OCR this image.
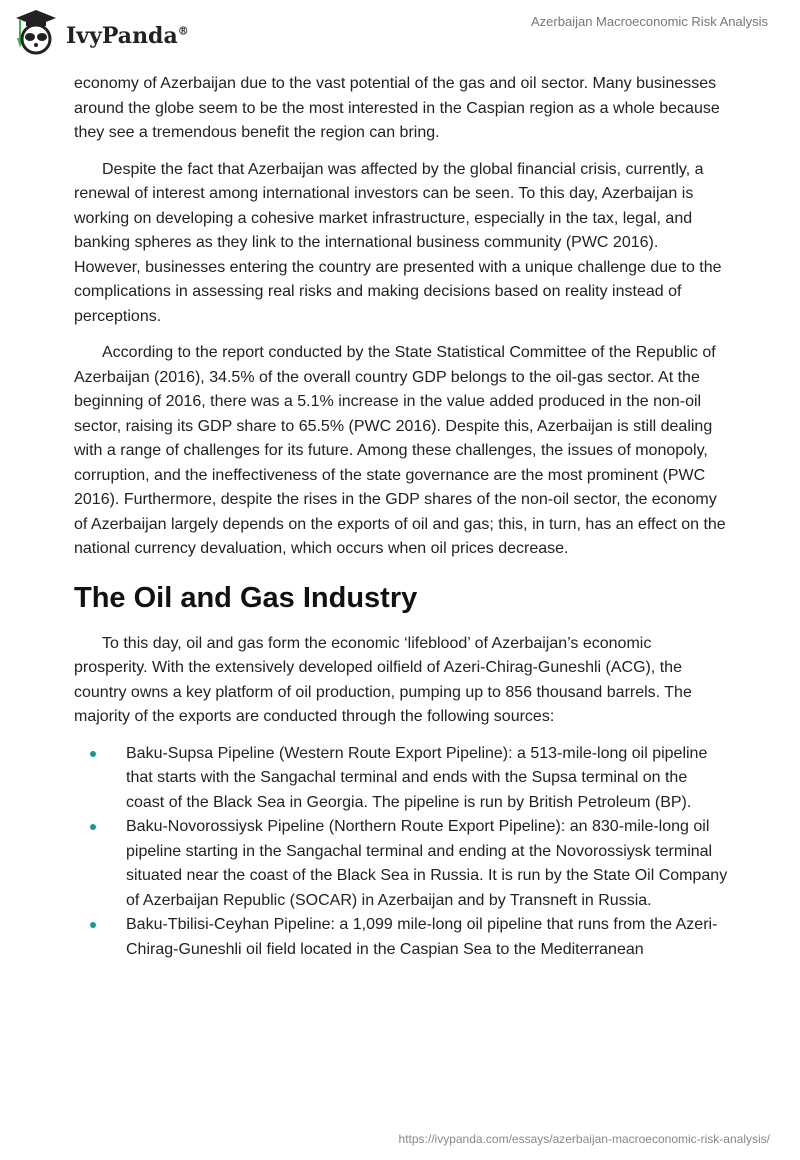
IvyPanda®
Azerbaijan Macroeconomic Risk Analysis

economy of Azerbaijan due to the vast potential of the gas and oil sector. Many businesses around the globe seem to be the most interested in the Caspian region as a whole because they see a tremendous benefit the region can bring.

Despite the fact that Azerbaijan was affected by the global financial crisis, currently, a renewal of interest among international investors can be seen. To this day, Azerbaijan is working on developing a cohesive market infrastructure, especially in the tax, legal, and banking spheres as they link to the international business community (PWC 2016). However, businesses entering the country are presented with a unique challenge due to the complications in assessing real risks and making decisions based on reality instead of perceptions.

According to the report conducted by the State Statistical Committee of the Republic of Azerbaijan (2016), 34.5% of the overall country GDP belongs to the oil-gas sector. At the beginning of 2016, there was a 5.1% increase in the value added produced in the non-oil sector, raising its GDP share to 65.5% (PWC 2016). Despite this, Azerbaijan is still dealing with a range of challenges for its future. Among these challenges, the issues of monopoly, corruption, and the ineffectiveness of the state governance are the most prominent (PWC 2016). Furthermore, despite the rises in the GDP shares of the non-oil sector, the economy of Azerbaijan largely depends on the exports of oil and gas; this, in turn, has an effect on the national currency devaluation, which occurs when oil prices decrease.

The Oil and Gas Industry

To this day, oil and gas form the economic ‘lifeblood’ of Azerbaijan’s economic prosperity. With the extensively developed oilfield of Azeri-Chirag-Guneshli (ACG), the country owns a key platform of oil production, pumping up to 856 thousand barrels. The majority of the exports are conducted through the following sources:

Baku-Supsa Pipeline (Western Route Export Pipeline): a 513-mile-long oil pipeline that starts with the Sangachal terminal and ends with the Supsa terminal on the coast of the Black Sea in Georgia. The pipeline is run by British Petroleum (BP).
Baku-Novorossiysk Pipeline (Northern Route Export Pipeline): an 830-mile-long oil pipeline starting in the Sangachal terminal and ending at the Novorossiysk terminal situated near the coast of the Black Sea in Russia. It is run by the State Oil Company of Azerbaijan Republic (SOCAR) in Azerbaijan and by Transneft in Russia.
Baku-Tbilisi-Ceyhan Pipeline: a 1,099 mile-long oil pipeline that runs from the Azeri-Chirag-Guneshli oil field located in the Caspian Sea to the Mediterranean
https://ivypanda.com/essays/azerbaijan-macroeconomic-risk-analysis/
